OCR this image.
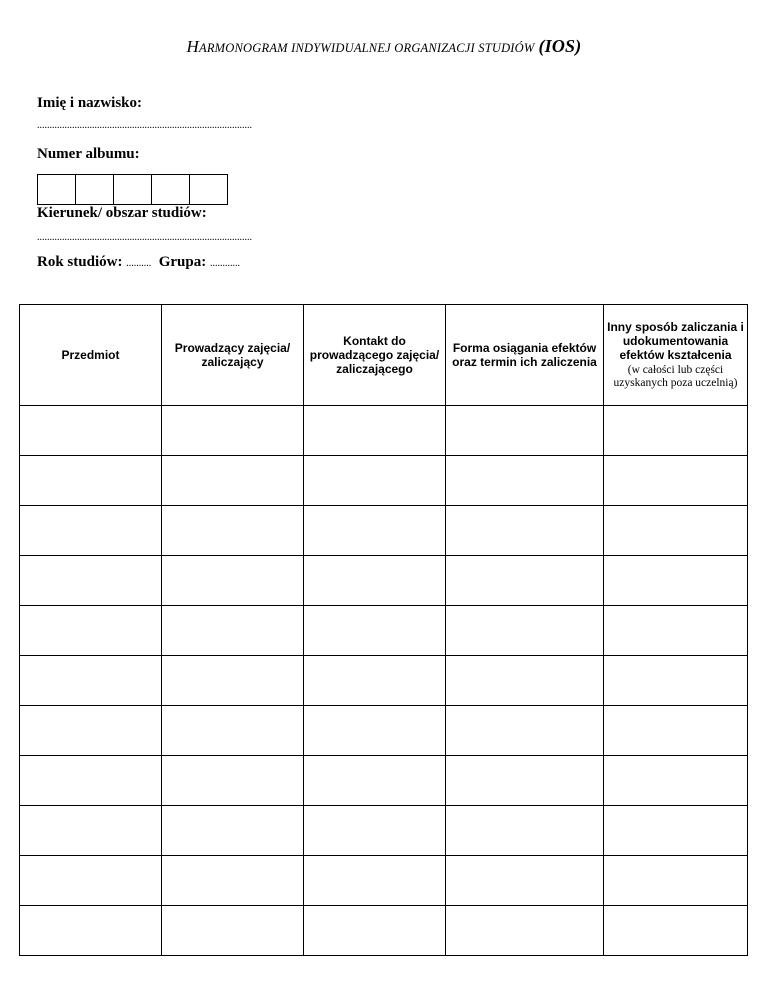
HARMONOGRAM INDYWIDUALNEJ ORGANIZACJI STUDIÓW (IOS)
Imię i nazwisko:
......................................................................................
Numer albumu:
Kierunek/ obszar studiów:
......................................................................................
Rok studiów: .......... Grupa: ............
Przedmiot	Prowadzący zajęcia/ zaliczający	Kontakt do prowadzącego zajęcia/ zaliczającego	Forma osiągania efektów oraz termin ich zaliczenia	Inny sposób zaliczania i udokumentowania efektów kształcenia
(w całości lub części uzyskanych poza uczelnią)
